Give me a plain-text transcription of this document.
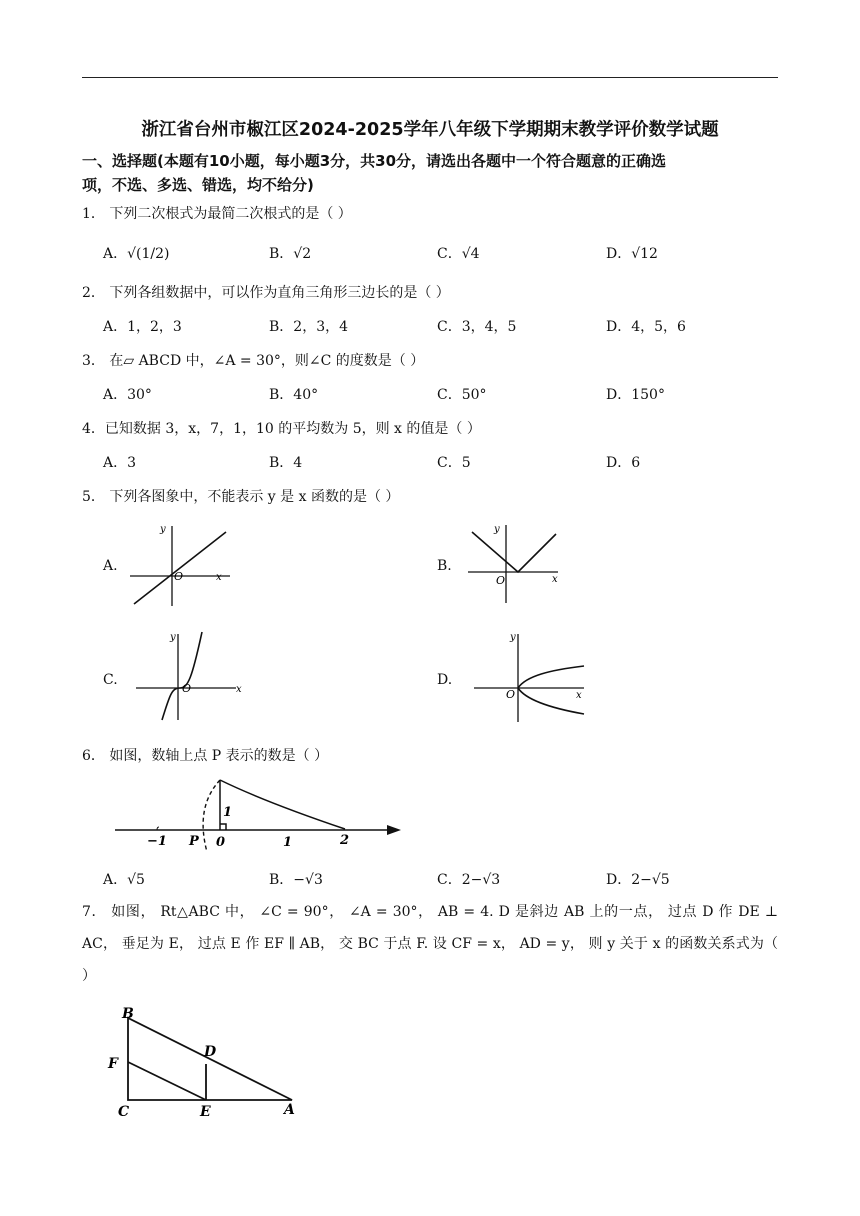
浙江省台州市椒江区2024-2025学年八年级下学期期末教学评价数学试题
一、选择题(本题有10小题，每小题3分，共30分，请选出各题中一个符合题意的正确选
项，不选、多选、错选，均不给分)
1． 下列二次根式为最简二次根式的是（ ）
A．√(1/2)	B．√2	C．√4	D．√12
2． 下列各组数据中，可以作为直角三角形三边长的是（ ）
A．1，2，3	B．2，3，4	C．3，4，5	D．4，5，6
3． 在▱ ABCD 中，∠A = 30°，则∠C 的度数是（ ）
A．30°	B．40°	C．50°	D．150°
4．已知数据 3，x，7，1，10 的平均数为 5，则 x 的值是（ ）
A．3	B．4	C．5	D．6
5． 下列各图象中，不能表示 y 是 x 函数的是（ ）
A.	B.
C.	D.
y
O	x
y
O	x
y
O	x
y
O	x
6． 如图，数轴上点 P 表示的数是（ ）
−1 P 0	1	2
1
A．√5	B．−√3	C．2−√3	D．2−√5
7． 如图， Rt△ABC 中， ∠C = 90°， ∠A = 30°， AB = 4. D 是斜边 AB 上的一点， 过点 D 作 DE ⊥ AC， 垂足为 E， 过点 E 作 EF ∥ AB， 交 BC 于点 F. 设 CF = x， AD = y， 则 y 关于 x 的函数关系式为（ ）
B
D
F
C	E	A
